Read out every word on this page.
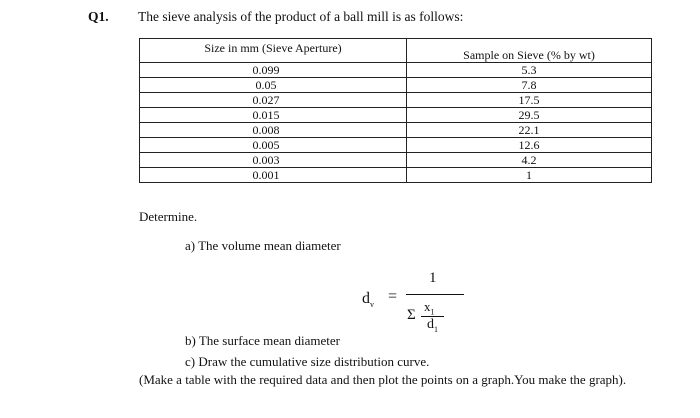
Q1. The sieve analysis of the product of a ball mill is as follows:
Size in mm (Sieve Aperture)	Sample on Sieve (% by wt)
0.099	5.3
0.05	7.8
0.027	17.5
0.015	29.5
0.008	22.1
0.005	12.6
0.003	4.2
0.001	1
Determine.
a) The volume mean diameter
$d_v$ =
1
Σ
$x_1$
$d_1$
b) The surface mean diameter
c) Draw the cumulative size distribution curve.
(Make a table with the required data and then plot the points on a graph.You make the graph).
